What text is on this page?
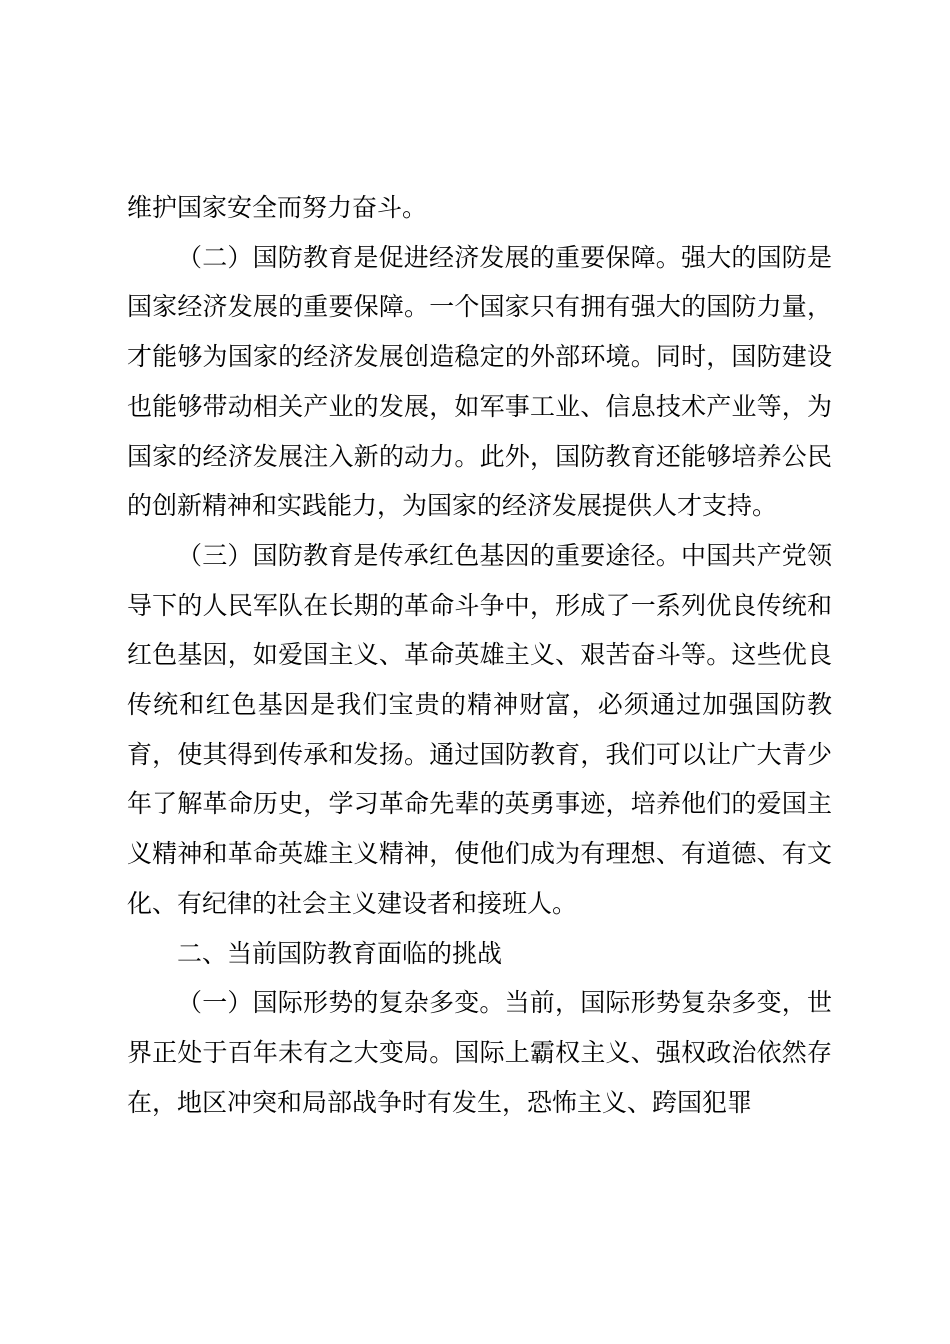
维护国家安全而努力奋斗。

（二）国防教育是促进经济发展的重要保障。强大的国防是国家经济发展的重要保障。一个国家只有拥有强大的国防力量，才能够为国家的经济发展创造稳定的外部环境。同时，国防建设也能够带动相关产业的发展，如军事工业、信息技术产业等，为国家的经济发展注入新的动力。此外，国防教育还能够培养公民的创新精神和实践能力，为国家的经济发展提供人才支持。

（三）国防教育是传承红色基因的重要途径。中国共产党领导下的人民军队在长期的革命斗争中，形成了一系列优良传统和红色基因，如爱国主义、革命英雄主义、艰苦奋斗等。这些优良传统和红色基因是我们宝贵的精神财富，必须通过加强国防教育，使其得到传承和发扬。通过国防教育，我们可以让广大青少年了解革命历史，学习革命先辈的英勇事迹，培养他们的爱国主义精神和革命英雄主义精神，使他们成为有理想、有道德、有文化、有纪律的社会主义建设者和接班人。

二、当前国防教育面临的挑战

（一）国际形势的复杂多变。当前，国际形势复杂多变，世界正处于百年未有之大变局。国际上霸权主义、强权政治依然存在，地区冲突和局部战争时有发生，恐怖主义、跨国犯罪
